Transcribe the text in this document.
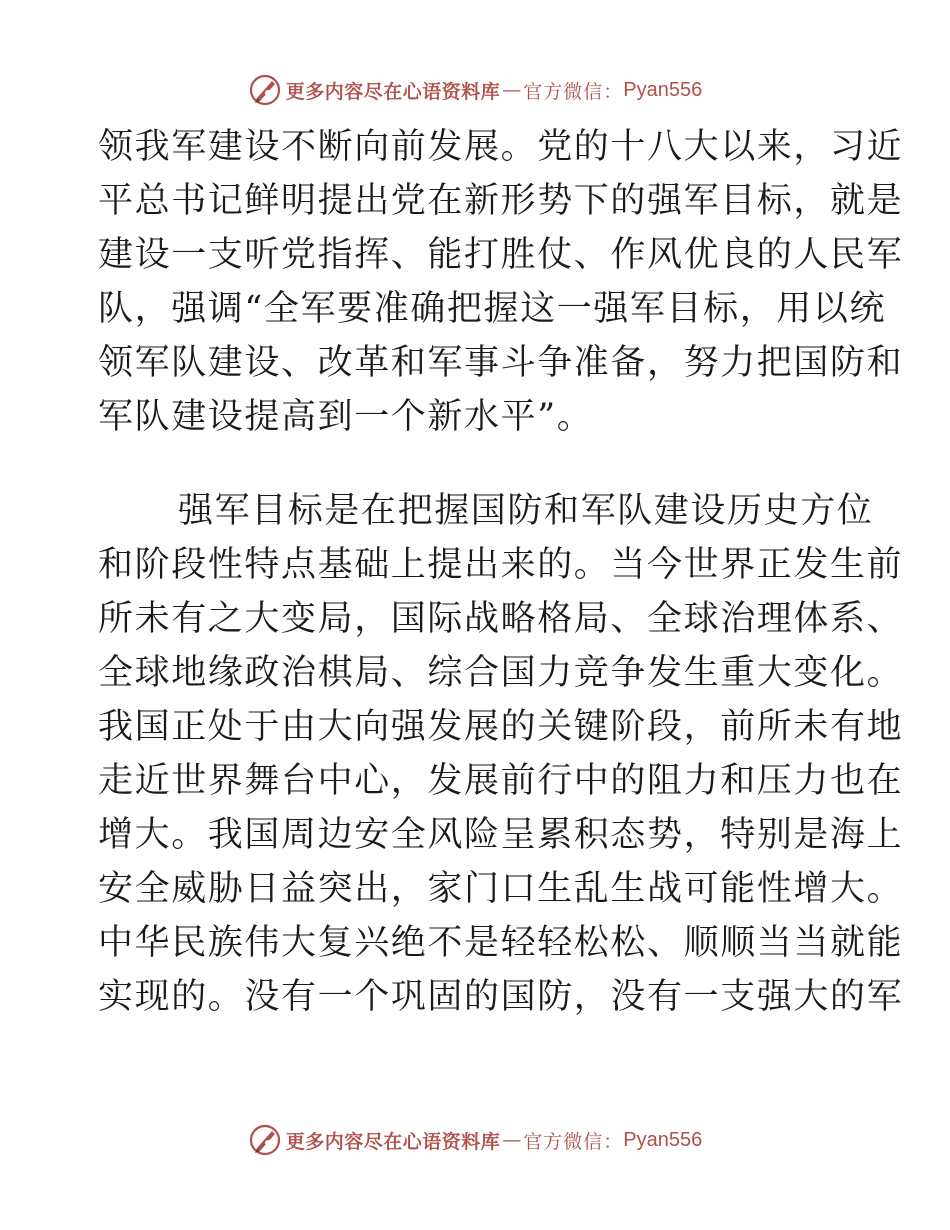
更多内容尽在心语资料库 — 官方微信： Pyan556

领我军建设不断向前发展。党的十八大以来，习近
平总书记鲜明提出党在新形势下的强军目标，就是
建设一支听党指挥、能打胜仗、作风优良的人民军
队，强调“全军要准确把握这一强军目标，用以统
领军队建设、改革和军事斗争准备，努力把国防和
军队建设提高到一个新水平”。

强军目标是在把握国防和军队建设历史方位
和阶段性特点基础上提出来的。当今世界正发生前
所未有之大变局，国际战略格局、全球治理体系、
全球地缘政治棋局、综合国力竞争发生重大变化。
我国正处于由大向强发展的关键阶段，前所未有地
走近世界舞台中心，发展前行中的阻力和压力也在
增大。我国周边安全风险呈累积态势，特别是海上
安全威胁日益突出，家门口生乱生战可能性增大。
中华民族伟大复兴绝不是轻轻松松、顺顺当当就能
实现的。没有一个巩固的国防，没有一支强大的军

更多内容尽在心语资料库 — 官方微信： Pyan556
